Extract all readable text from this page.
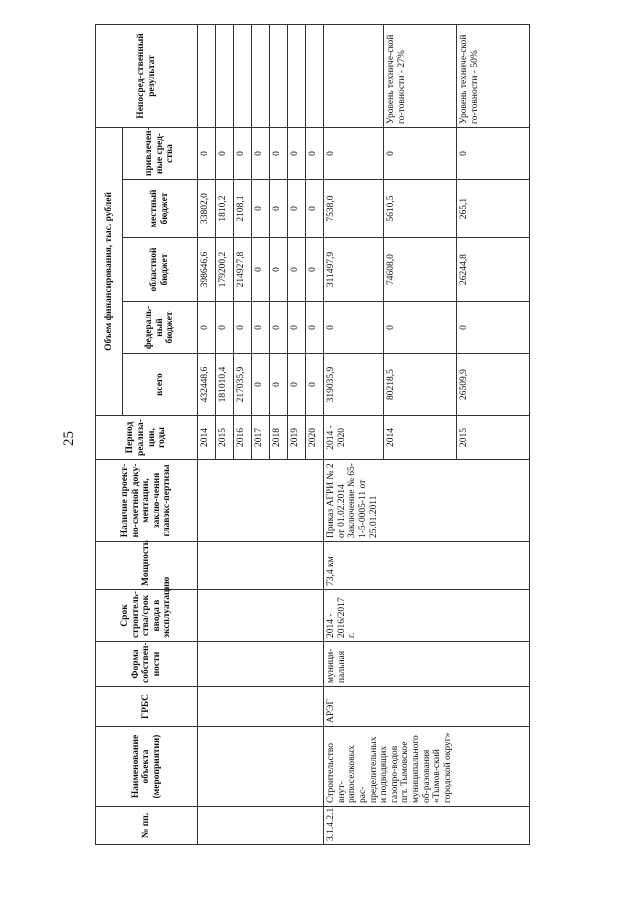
25
№ пп.	Наименование объекта (мероприятия)	ГРБС	Форма собствен-ности	Срок строитель-ства/срок ввода в эксплуатацию	Мощность	Наличие проект-но-сметной доку-ментации, заклю-чения главэкс-пертизы	Период реализа-ции, годы	Объем финансирования, тыс. рублей					Непосред-ственный результат
								всего	федераль-ный бюджет	областной бюджет	местный бюджет	привлечен-ные сред-ства	
							2014	432448,6	0	398646,6	33802,0	0	
							2015	181010,4	0	179200,2	1810,2	0	
							2016	217035,9	0	214927,8	2108,1	0	
							2017	0	0	0	0	0	
							2018	0	0	0	0	0	
							2019	0	0	0	0	0	
							2020	0	0	0	0	0	
3.1.4.2.1.	Строительство внут-рипоселковых рас-пределительных и подводящих газопро-водов пгт. Тымовское муниципального об-разования «Тымов-ский городской округ»	АРЭГ	муници-пальная	2014 - 2016/2017 г.	73,4 км	Приказ АГРИ № 2 от 01.02.2014 Заключение № 65-1-5-0005-11 от 25.01.2011	2014 - 2020	319035,9	0	311497,9	7538,0	0	
							2014	80218,5	0	74608,0	5610,5	0	Уровень техниче-ской го-товности - 27%
							2015	26509,9	0	26244,8	265,1	0	Уровень техниче-ской го-товности - 50%
